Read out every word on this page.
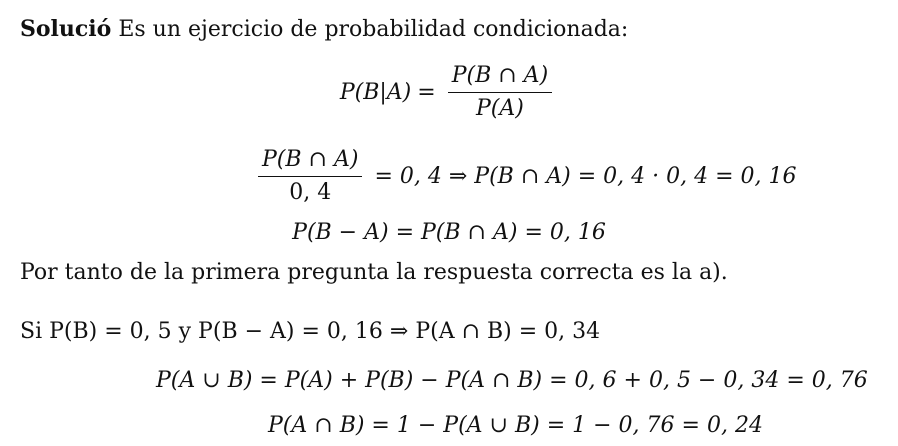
Solució Es un ejercicio de probabilidad condicionada:
$P(B|A) = \frac{P(B \cap A)}{P(A)}$
$\frac{P(B \cap A)}{0, 4} = 0$, 4 ⇒ P(B ∩ A) = 0, 4 · 0, 4 = 0, 16
P(B − A) = P(B ∩ A) = 0, 16
Por tanto de la primera pregunta la respuesta correcta es la a).
Si P(B) = 0, 5 y P(B − A) = 0, 16 ⇒ P(A ∩ B) = 0, 34
P(A ∪ B) = P(A) + P(B) − P(A ∩ B) = 0, 6 + 0, 5 − 0, 34 = 0, 76
P(A ∩ B) = 1 − P(A ∪ B) = 1 − 0, 76 = 0, 24
